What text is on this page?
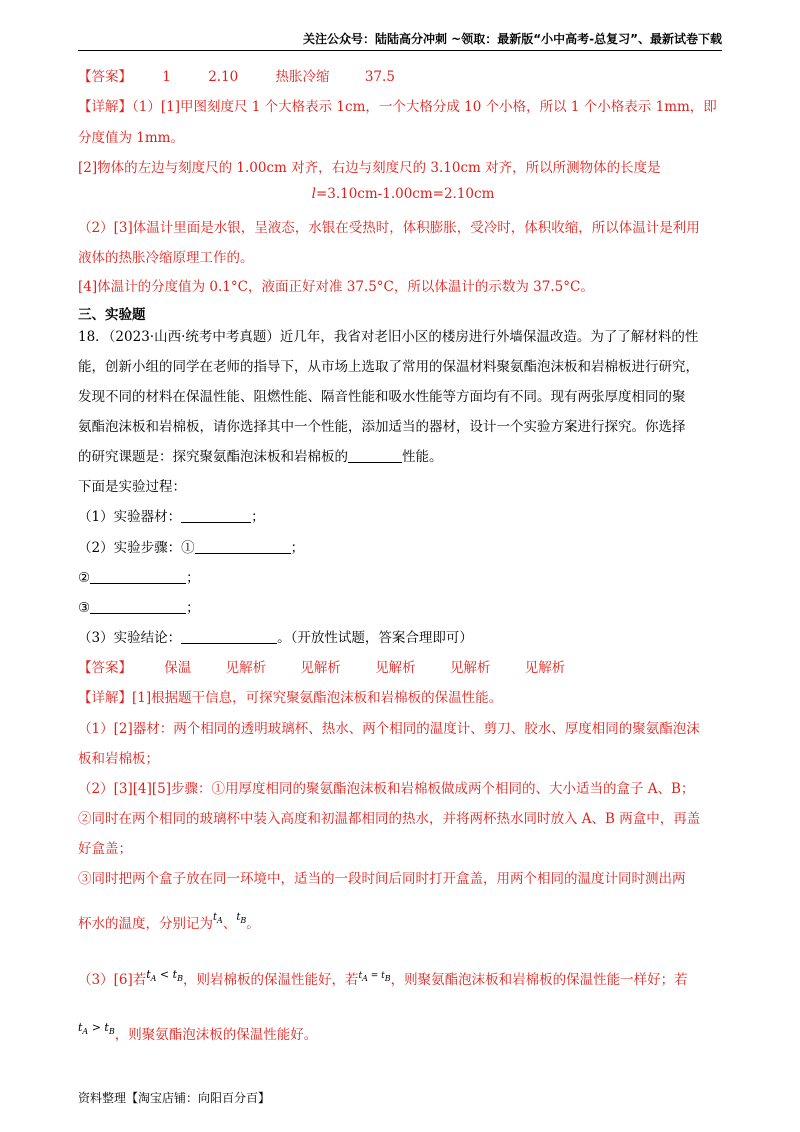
关注公众号：陆陆高分冲刺 ~领取：最新版“小中高考-总复习”、最新试卷下载
【答案】 1	2.10	热胀冷缩	37.5
【详解】（1）[1]甲图刻度尺 1 个大格表示 1cm，一个大格分成 10 个小格，所以 1 个小格表示 1mm，即
分度值为 1mm。
[2]物体的左边与刻度尺的 1.00cm 对齐，右边与刻度尺的 3.10cm 对齐，所以所测物体的长度是
l=3.10cm-1.00cm=2.10cm
（2）[3]体温计里面是水银，呈液态，水银在受热时，体积膨胀，受冷时，体积收缩，所以体温计是利用
液体的热胀冷缩原理工作的。
[4]体温计的分度值为 0.1°C，液面正好对准 37.5°C，所以体温计的示数为 37.5°C。
三、实验题
18．（2023·山西·统考中考真题）近几年，我省对老旧小区的楼房进行外墙保温改造。为了了解材料的性
能，创新小组的同学在老师的指导下，从市场上选取了常用的保温材料聚氨酯泡沫板和岩棉板进行研究，
发现不同的材料在保温性能、阻燃性能、隔音性能和吸水性能等方面均有不同。现有两张厚度相同的聚
氨酯泡沫板和岩棉板，请你选择其中一个性能，添加适当的器材，设计一个实验方案进行探究。你选择
的研究课题是：探究聚氨酯泡沫板和岩棉板的	性能。
下面是实验过程：
（1）实验器材：	；
（2）实验步骤：①	；
②	；
③	；
（3）实验结论：	。（开放性试题，答案合理即可）
【答案】 保温	见解析	见解析	见解析	见解析	见解析
【详解】[1]根据题干信息，可探究聚氨酯泡沫板和岩棉板的保温性能。
（1）[2]器材：两个相同的透明玻璃杯、热水、两个相同的温度计、剪刀、胶水、厚度相同的聚氨酯泡沫
板和岩棉板；
（2）[3][4][5]步骤：①用厚度相同的聚氨酯泡沫板和岩棉板做成两个相同的、大小适当的盒子 A、B；
②同时在两个相同的玻璃杯中装入高度和初温都相同的热水，并将两杯热水同时放入 A、B 两盒中，再盖
好盒盖；
③同时把两个盒子放在同一环境中，适当的一段时间后同时打开盒盖，用两个相同的温度计同时测出两
杯水的温度，分别记为$^{t_A}$、$^{t_B}$。
（3）[6]若$^{t_A < t_B}$，则岩棉板的保温性能好，若$^{t_A = t_B}$，则聚氨酯泡沫板和岩棉板的保温性能一样好；若
$^{t_A > t_B}$，则聚氨酯泡沫板的保温性能好。
资料整理【淘宝店铺：向阳百分百】
